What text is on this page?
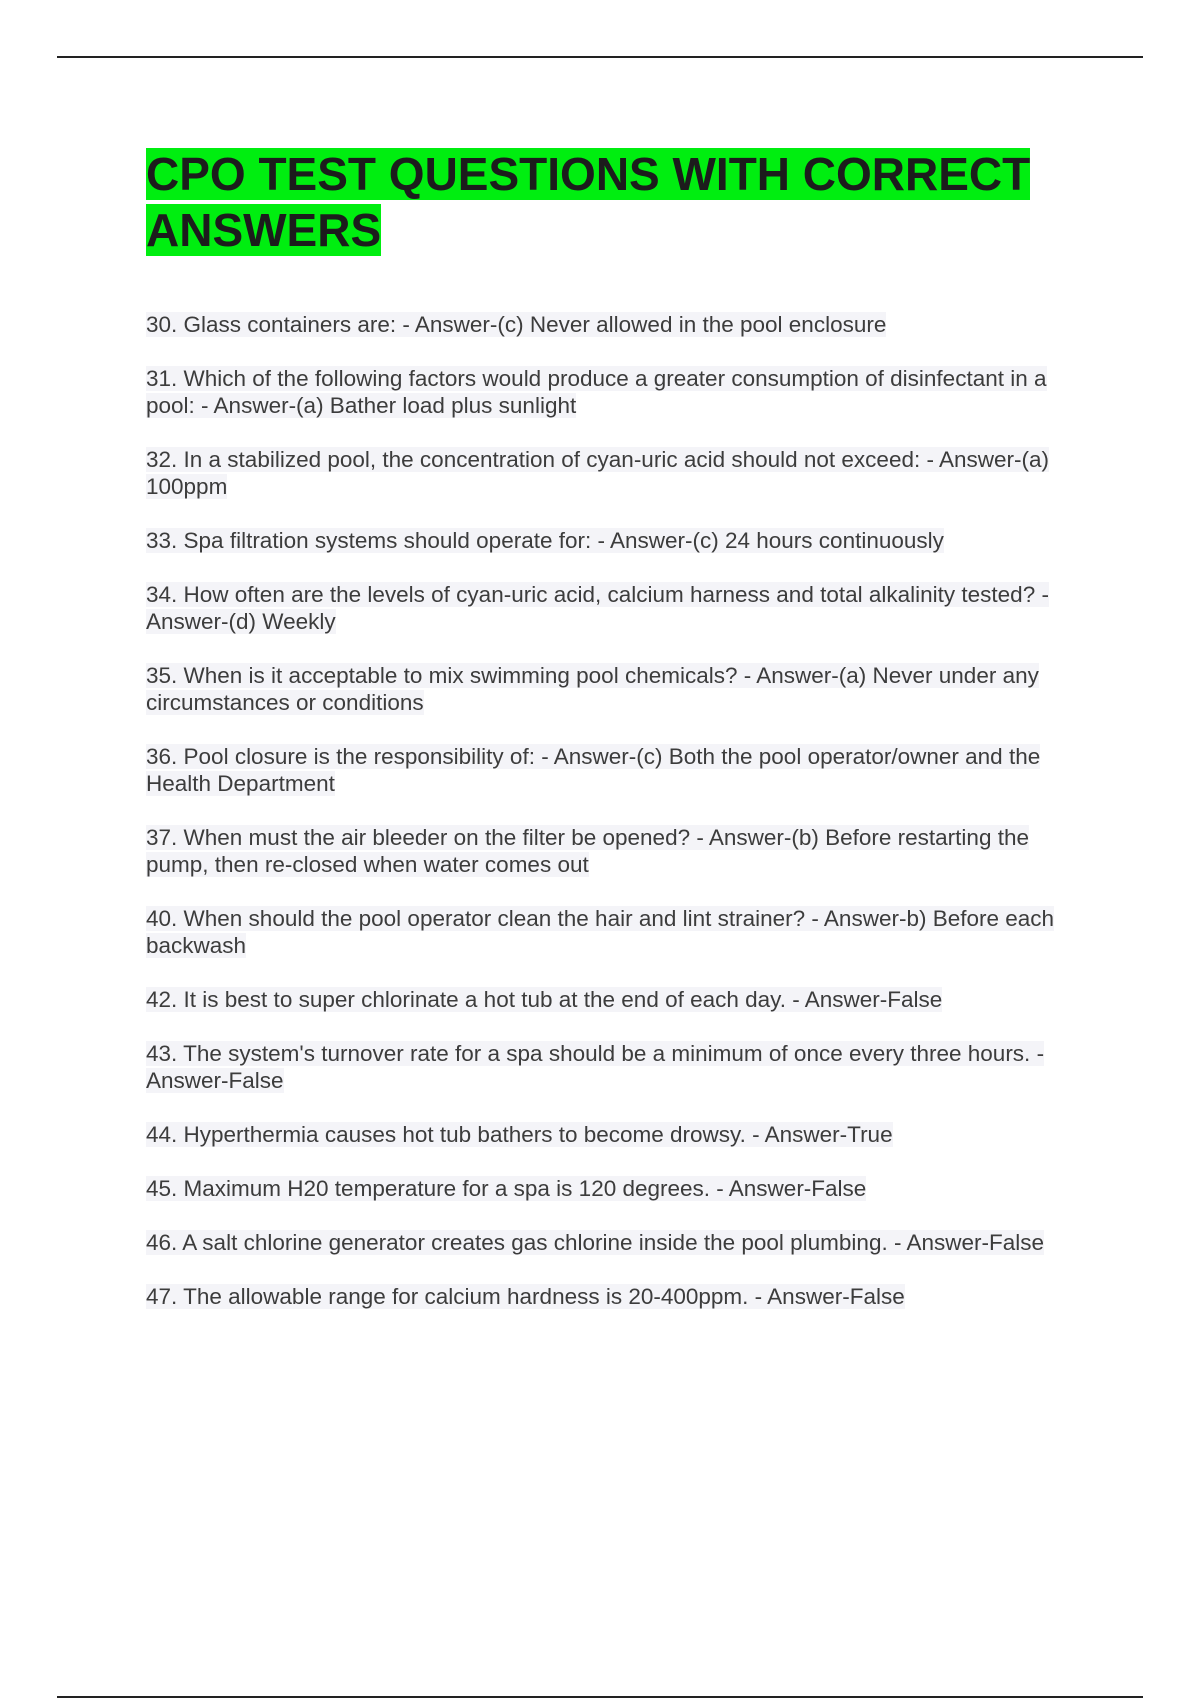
CPO TEST QUESTIONS WITH CORRECT ANSWERS

30. Glass containers are: - Answer-(c) Never allowed in the pool enclosure

31. Which of the following factors would produce a greater consumption of disinfectant in a pool: - Answer-(a) Bather load plus sunlight

32. In a stabilized pool, the concentration of cyan-uric acid should not exceed: - Answer-(a) 100ppm

33. Spa filtration systems should operate for: - Answer-(c) 24 hours continuously

34. How often are the levels of cyan-uric acid, calcium harness and total alkalinity tested? - Answer-(d) Weekly

35. When is it acceptable to mix swimming pool chemicals? - Answer-(a) Never under any circumstances or conditions

36. Pool closure is the responsibility of: - Answer-(c) Both the pool operator/owner and the Health Department

37. When must the air bleeder on the filter be opened? - Answer-(b) Before restarting the pump, then re-closed when water comes out

40. When should the pool operator clean the hair and lint strainer? - Answer-b) Before each backwash

42. It is best to super chlorinate a hot tub at the end of each day. - Answer-False

43. The system's turnover rate for a spa should be a minimum of once every three hours. - Answer-False

44. Hyperthermia causes hot tub bathers to become drowsy. - Answer-True

45. Maximum H20 temperature for a spa is 120 degrees. - Answer-False

46. A salt chlorine generator creates gas chlorine inside the pool plumbing. - Answer-False

47. The allowable range for calcium hardness is 20-400ppm. - Answer-False
